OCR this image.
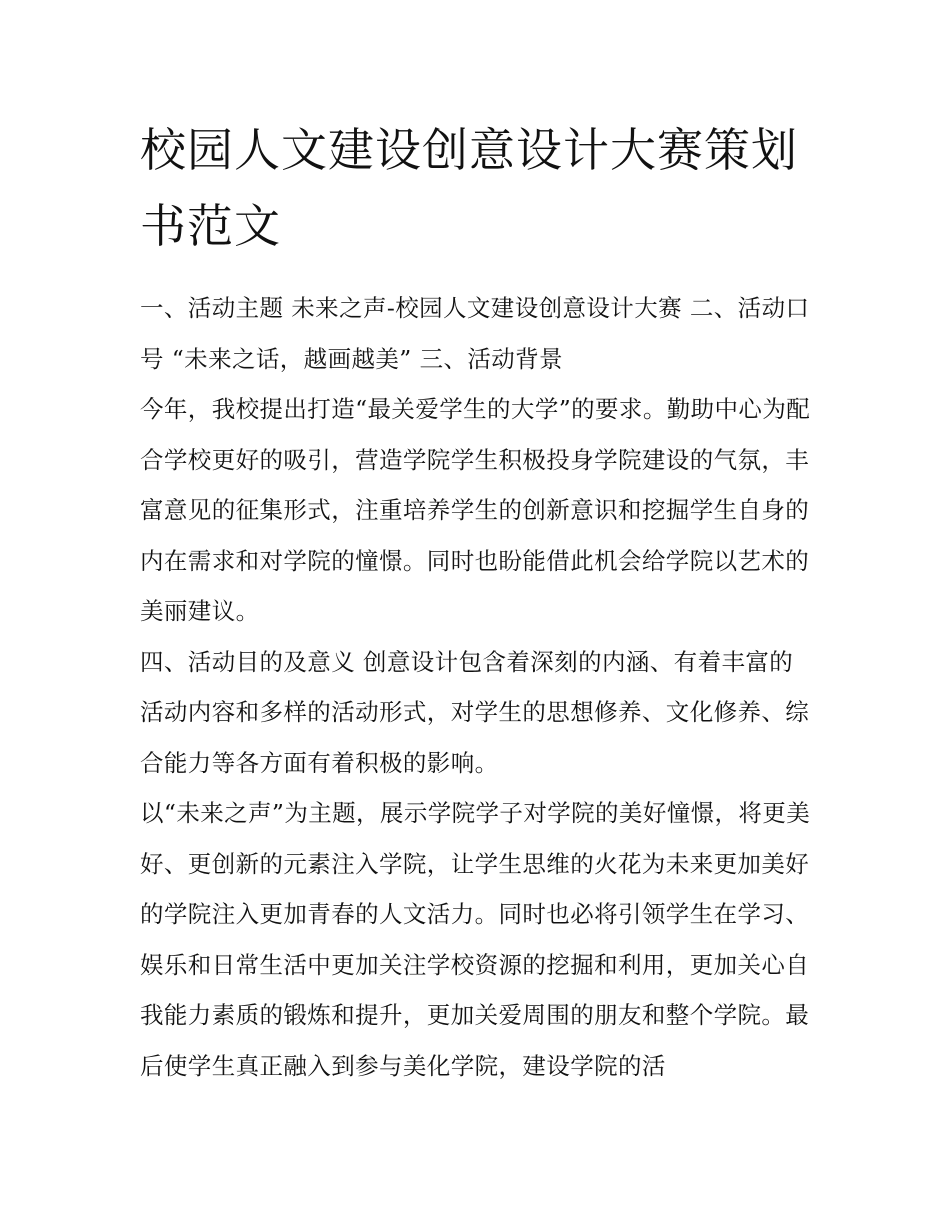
校园人文建设创意设计大赛策划书范文

一、活动主题 未来之声-校园人文建设创意设计大赛 二、活动口号 “未来之话，越画越美” 三、活动背景

今年，我校提出打造“最关爱学生的大学”的要求。勤助中心为配合学校更好的吸引，营造学院学生积极投身学院建设的气氛，丰富意见的征集形式，注重培养学生的创新意识和挖掘学生自身的内在需求和对学院的憧憬。同时也盼能借此机会给学院以艺术的美丽建议。

四、活动目的及意义 创意设计包含着深刻的内涵、有着丰富的活动内容和多样的活动形式，对学生的思想修养、文化修养、综合能力等各方面有着积极的影响。

以“未来之声”为主题，展示学院学子对学院的美好憧憬，将更美好、更创新的元素注入学院，让学生思维的火花为未来更加美好的学院注入更加青春的人文活力。同时也必将引领学生在学习、娱乐和日常生活中更加关注学校资源的挖掘和利用，更加关心自我能力素质的锻炼和提升，更加关爱周围的朋友和整个学院。最后使学生真正融入到参与美化学院，建设学院的活
